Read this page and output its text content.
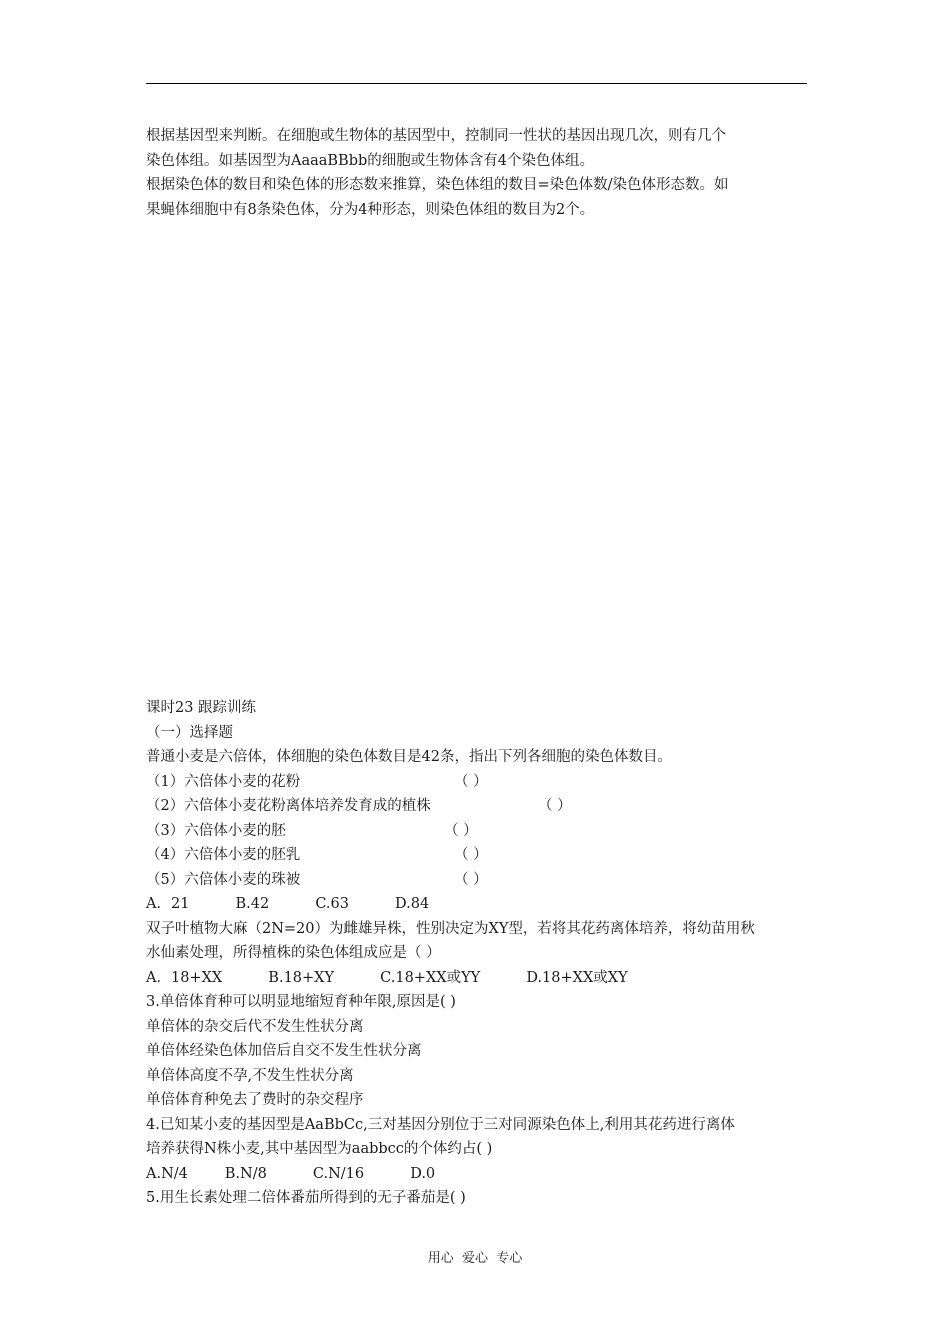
根据基因型来判断。在细胞或生物体的基因型中，控制同一性状的基因出现几次，则有几个

染色体组。如基因型为AaaaBBbb的细胞或生物体含有4个染色体组。

根据染色体的数目和染色体的形态数来推算，染色体组的数目=染色体数/染色体形态数。如

果蝇体细胞中有8条染色体，分为4种形态，则染色体组的数目为2个。

课时23 跟踪训练

（一）选择题

普通小麦是六倍体，体细胞的染色体数目是42条，指出下列各细胞的染色体数目。

（1）六倍体小麦的花粉	（ ）

（2）六倍体小麦花粉离体培养发育成的植株	（ ）

（3）六倍体小麦的胚	（ ）

（4）六倍体小麦的胚乳	（ ）

（5）六倍体小麦的珠被	（ ）

A．21          B.42          C.63          D.84

双子叶植物大麻（2N=20）为雌雄异株，性别决定为XY型，若将其花药离体培养，将幼苗用秋

水仙素处理，所得植株的染色体组成应是（ ）

A．18+XX          B.18+XY          C.18+XX或YY          D.18+XX或XY

3.单倍体育种可以明显地缩短育种年限,原因是( )

单倍体的杂交后代不发生性状分离

单倍体经染色体加倍后自交不发生性状分离

单倍体高度不孕,不发生性状分离

单倍体育种免去了费时的杂交程序

4.已知某小麦的基因型是AaBbCc,三对基因分别位于三对同源染色体上,利用其花药进行离体

培养获得N株小麦,其中基因型为aabbcc的个体约占( )

A.N/4        B.N/8          C.N/16          D.0

5.用生长素处理二倍体番茄所得到的无子番茄是( )

用心  爱心  专心
